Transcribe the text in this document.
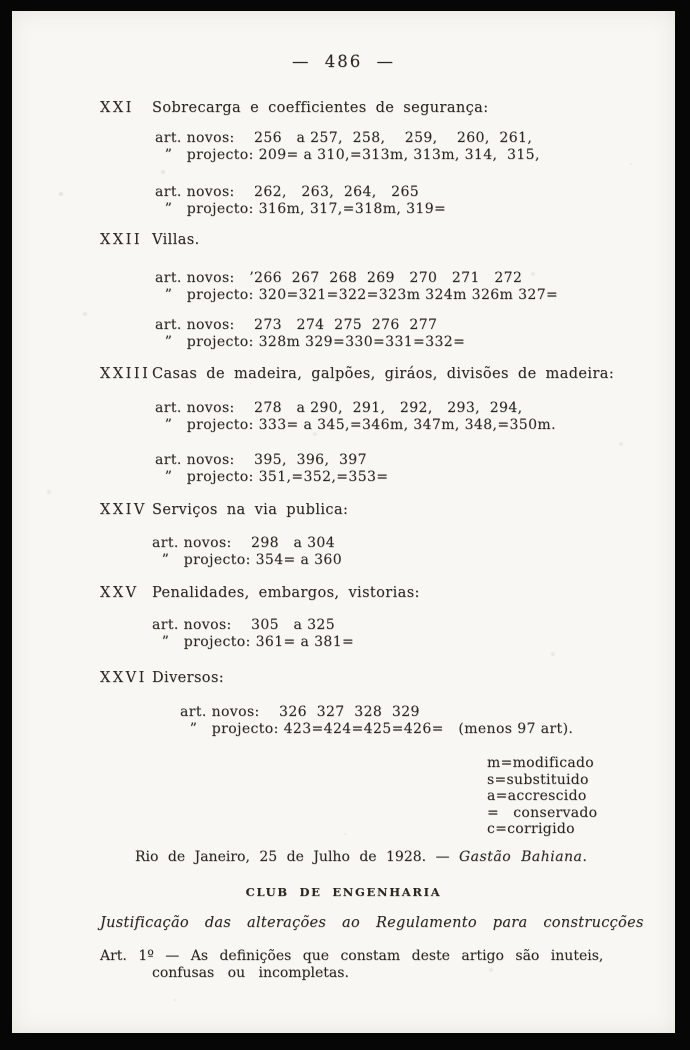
— 486 —
XXI Sobrecarga e coefficientes de segurança:
art. novos:    256   a 257,  258,    259,    260,  261,
”   projecto: 209= a 310,=313m, 313m, 314,  315,
art. novos:    262,   263,  264,   265
”   projecto: 316m, 317,=318m, 319=
XXII Villas.
art. novos:   ’266  267  268  269   270   271   272
”   projecto: 320=321=322=323m 324m 326m 327=
art. novos:    273   274  275  276  277
”   projecto: 328m 329=330=331=332=
XXIII Casas de madeira, galpões, giráos, divisões de madeira:
art. novos:    278   a 290,  291,   292,   293,  294,
”   projecto: 333= a 345,=346m, 347m, 348,=350m.
art. novos:    395,  396,  397
”   projecto: 351,=352,=353=
XXIV Serviços na via publica:
art. novos:    298   a 304
”   projecto: 354= a 360
XXV Penalidades, embargos, vistorias:
art. novos:    305   a 325
”   projecto: 361= a 381=
XXVI Diversos:
art. novos:    326  327  328  329
”   projecto: 423=424=425=426=   (menos 97 art).
m=modificado
s=substituido
a=accrescido
=   conservado
c=corrigido
Rio de Janeiro, 25 de Julho de 1928. — Gastão Bahiana.
CLUB DE ENGENHARIA
Justificação das alterações ao Regulamento para construcções
Art. 1º — As definições que constam deste artigo são inuteis,
confusas ou incompletas.
